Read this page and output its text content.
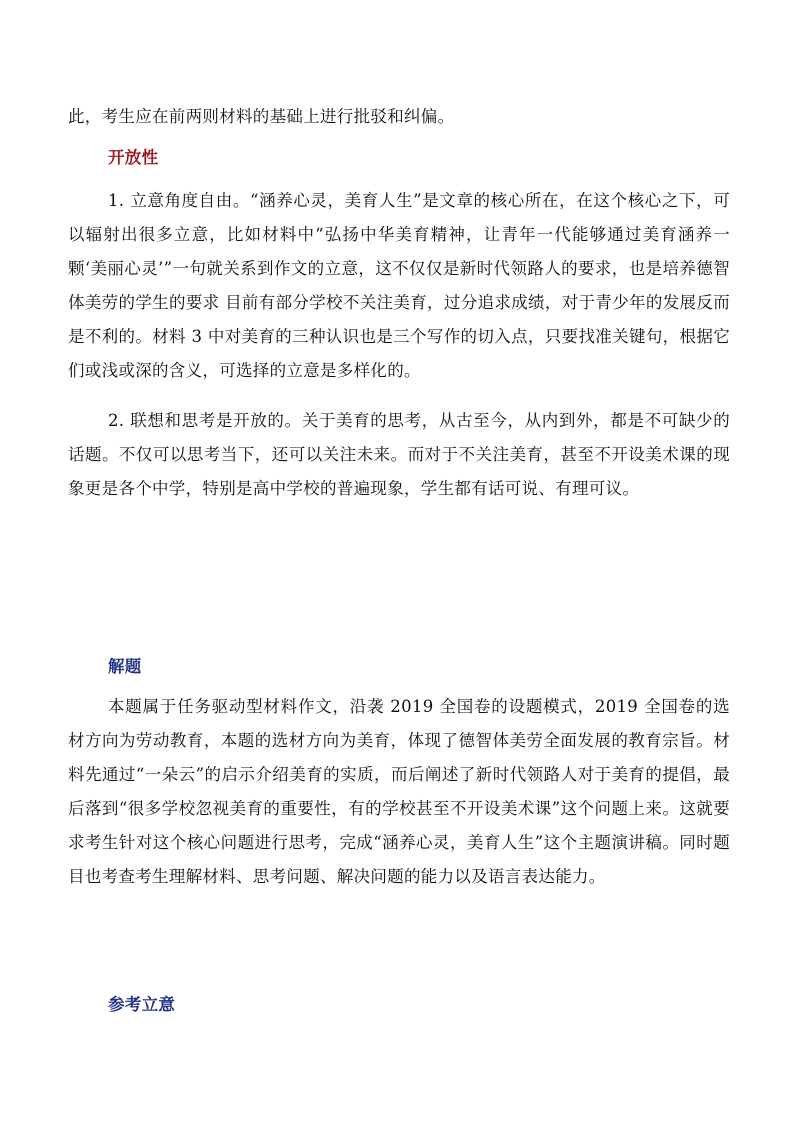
此，考生应在前两则材料的基础上进行批驳和纠偏。

开放性

1. 立意角度自由。“涵养心灵，美育人生”是文章的核心所在，在这个核心之下，可以辐射出很多立意，比如材料中“弘扬中华美育精神，让青年一代能够通过美育涵养一颗‘美丽心灵’”一句就关系到作文的立意，这不仅仅是新时代领路人的要求，也是培养德智体美劳的学生的要求 目前有部分学校不关注美育，过分追求成绩，对于青少年的发展反而是不利的。材料 3 中对美育的三种认识也是三个写作的切入点，只要找准关键句，根据它们或浅或深的含义，可选择的立意是多样化的。

2. 联想和思考是开放的。关于美育的思考，从古至今，从内到外，都是不可缺少的话题。不仅可以思考当下，还可以关注未来。而对于不关注美育，甚至不开设美术课的现象更是各个中学，特别是高中学校的普遍现象，学生都有话可说、有理可议。

解题

本题属于任务驱动型材料作文，沿袭 2019 全国卷的设题模式，2019 全国卷的选材方向为劳动教育，本题的选材方向为美育，体现了德智体美劳全面发展的教育宗旨。材料先通过“一朵云”的启示介绍美育的实质，而后阐述了新时代领路人对于美育的提倡，最后落到“很多学校忽视美育的重要性，有的学校甚至不开设美术课”这个问题上来。这就要求考生针对这个核心问题进行思考，完成“涵养心灵，美育人生”这个主题演讲稿。同时题目也考查考生理解材料、思考问题、解决问题的能力以及语言表达能力。

参考立意
